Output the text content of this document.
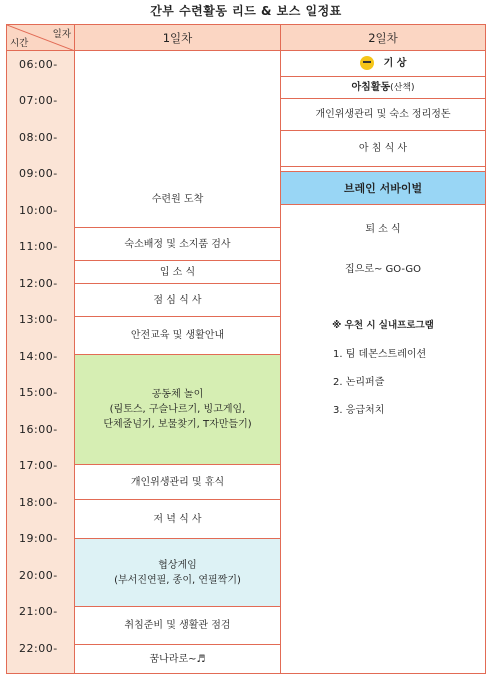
간부 수련활동 리드 & 보스 일정표
일자
시간	1일차	2일차
06:00-
07:00-
08:00-
09:00-
10:00-
11:00-
12:00-
13:00-
14:00-
15:00-
16:00-
17:00-
18:00-
19:00-
20:00-
21:00-
22:00-
수련원 도착
숙소배정 및 소지품 검사
입 소 식
점 심 식 사
안전교육 및 생활안내
공동체 놀이
(림토스, 구슬나르기, 빙고게임,
단체줄넘기, 보물찾기, T자만들기)
개인위생관리 및 휴식
저 녁 식 사
협상게임
(부서진연필, 종이, 연필짝기)
취침준비 및 생활관 점검
꿈나라로~♬
기 상
아침활동(산책)
개인위생관리 및 숙소 정리정돈
아 침 식 사
브레인 서바이벌
퇴 소 식
집으로~ GO-GO
※ 우천 시 실내프로그램
1. 팀 데몬스트레이션
2. 논리퍼즐
3. 응급처치
